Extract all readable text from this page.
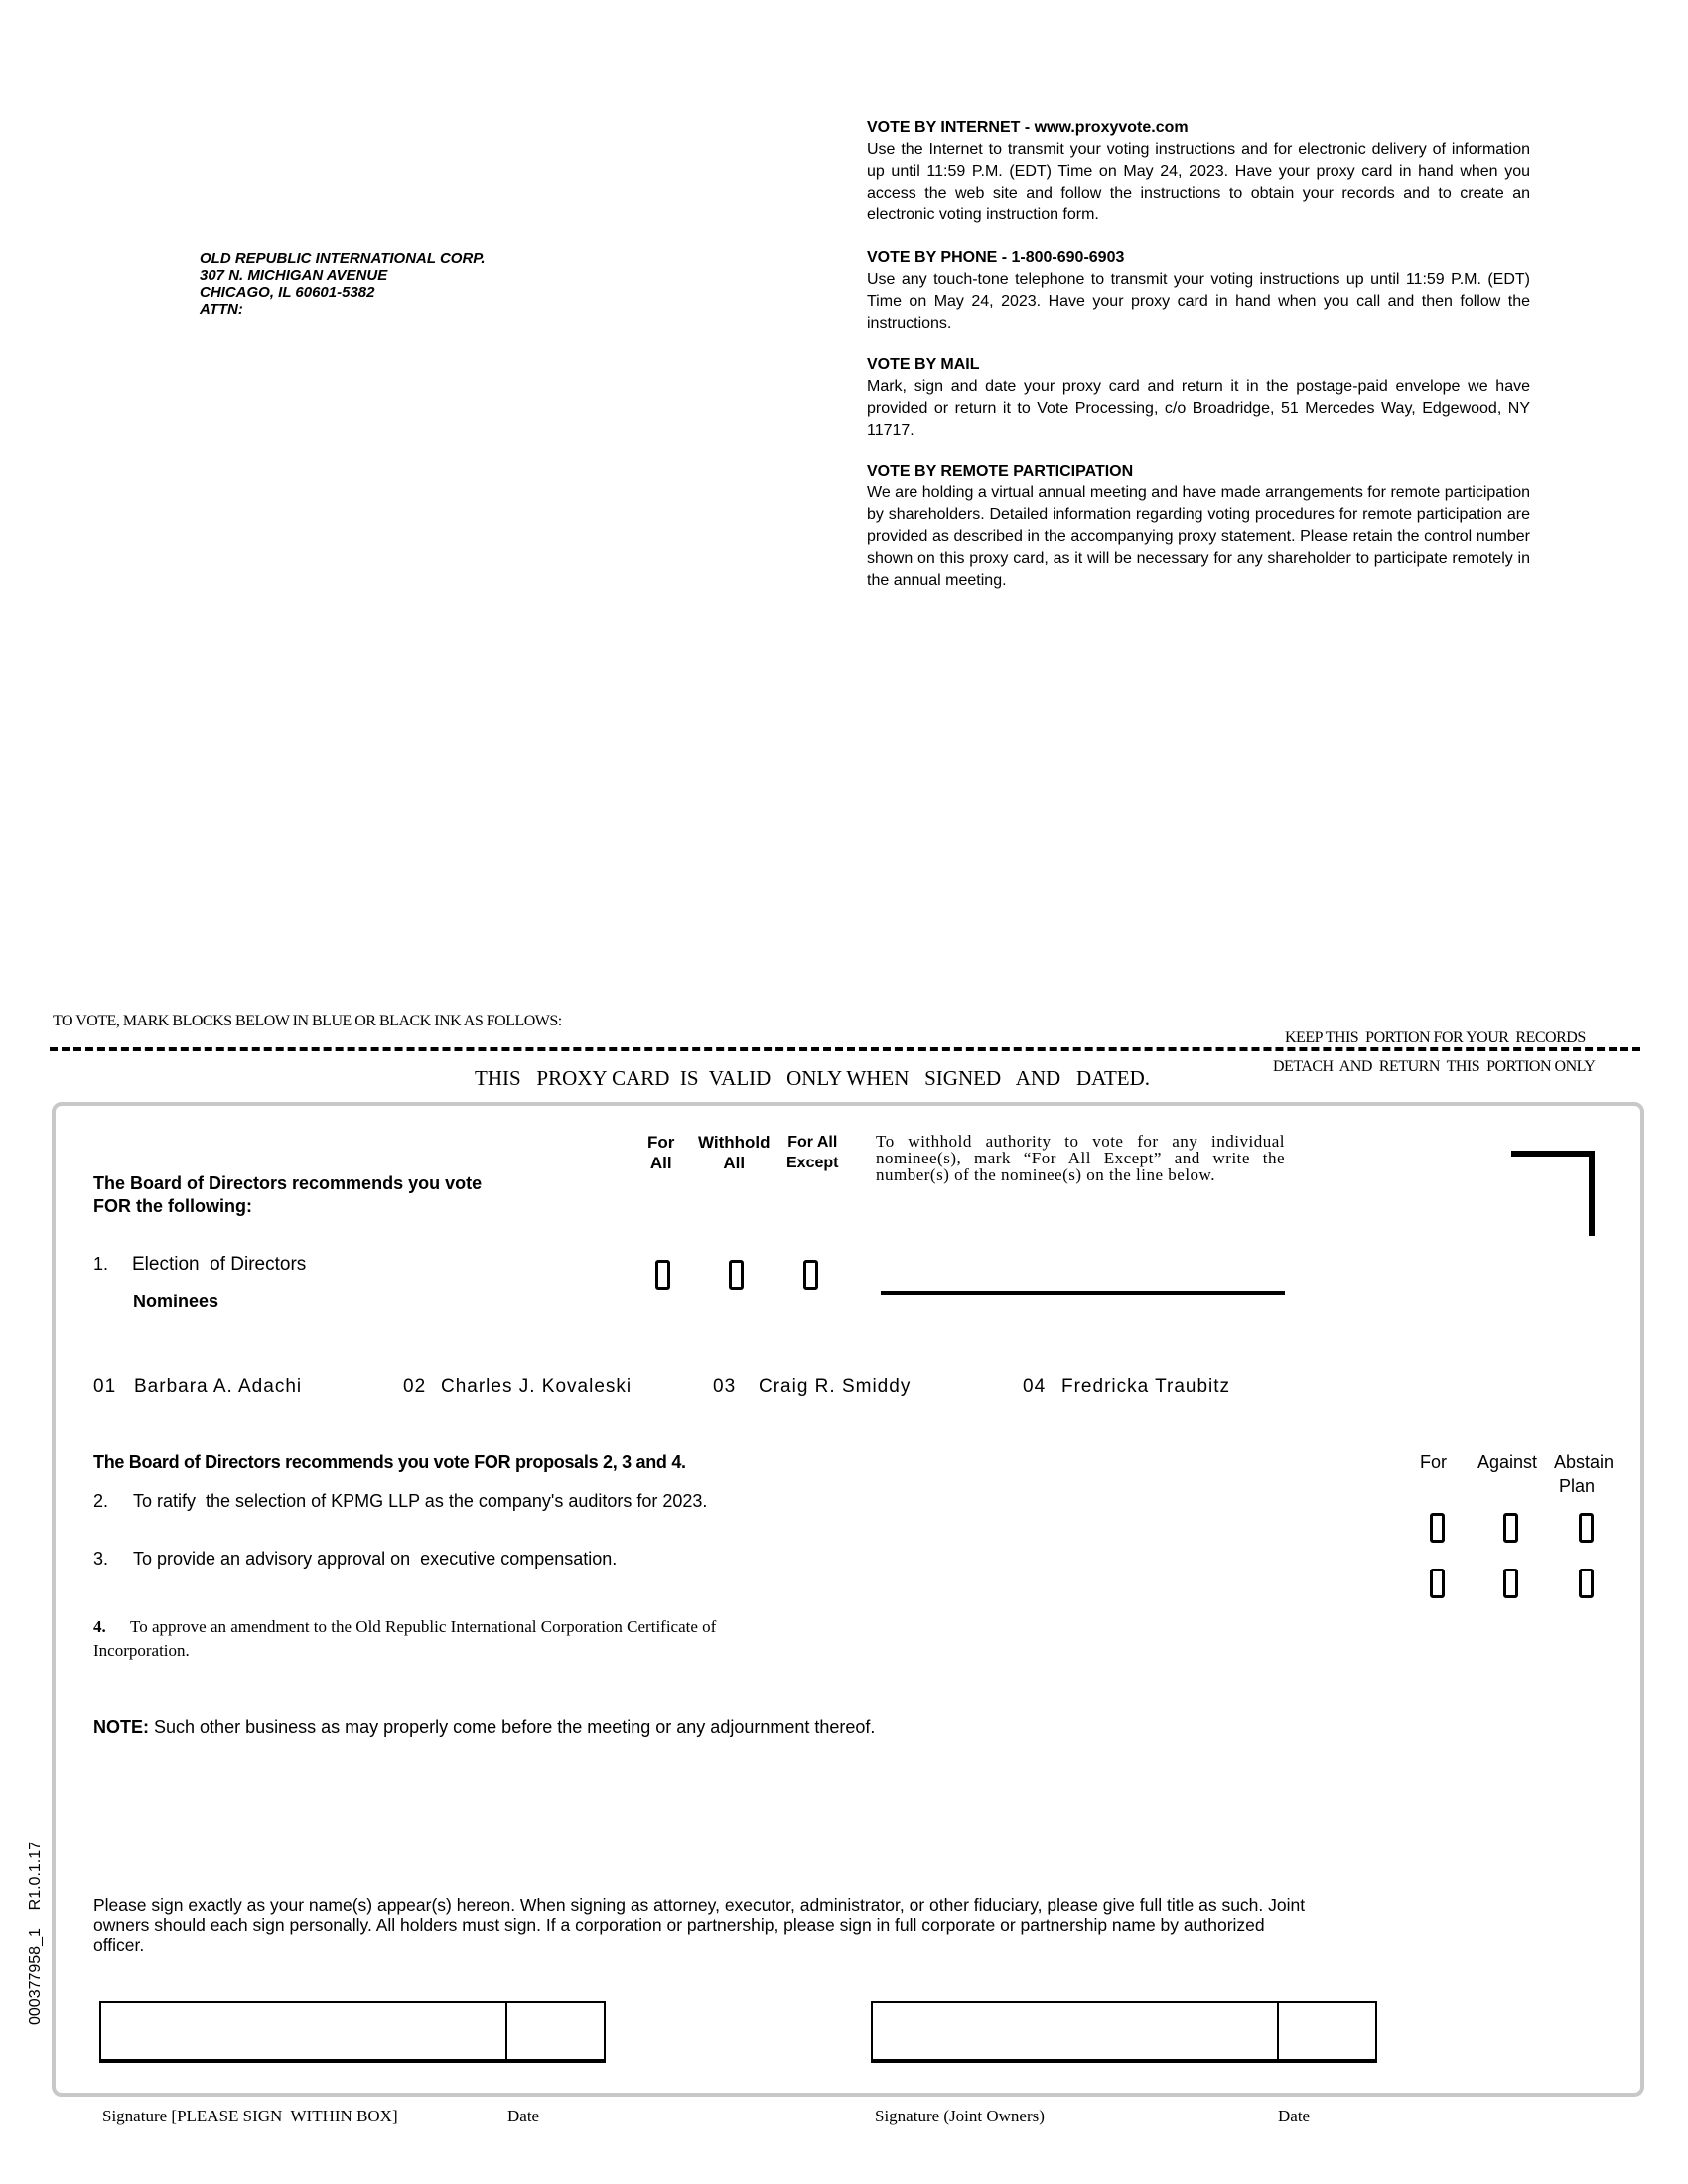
OLD REPUBLIC INTERNATIONAL CORP.
307 N. MICHIGAN AVENUE
CHICAGO, IL 60601-5382
ATTN:
VOTE BY INTERNET - www.proxyvote.com

Use the Internet to transmit your voting instructions and for electronic delivery of information up until 11:59 P.M. (EDT) Time on May 24, 2023. Have your proxy card in hand when you access the web site and follow the instructions to obtain your records and to create an electronic voting instruction form.

VOTE BY PHONE - 1-800-690-6903

Use any touch-tone telephone to transmit your voting instructions up until 11:59 P.M. (EDT) Time on May 24, 2023. Have your proxy card in hand when you call and then follow the instructions.

VOTE BY MAIL

Mark, sign and date your proxy card and return it in the postage-paid envelope we have provided or return it to Vote Processing, c/o Broadridge, 51 Mercedes Way, Edgewood, NY 11717.

VOTE BY REMOTE PARTICIPATION

We are holding a virtual annual meeting and have made arrangements for remote participation by shareholders. Detailed information regarding voting procedures for remote participation are provided as described in the accompanying proxy statement. Please retain the control number shown on this proxy card, as it will be necessary for any shareholder to participate remotely in the annual meeting.

TO VOTE, MARK BLOCKS BELOW IN BLUE OR BLACK INK AS FOLLOWS:
KEEP THIS  PORTION FOR YOUR  RECORDS
DETACH  AND  RETURN  THIS  PORTION ONLY
THIS   PROXY CARD  IS  VALID   ONLY WHEN   SIGNED   AND   DATED.
The Board of Directors recommends you vote
FOR the following:
For
All
Withhold
All
For All
Except
To withhold authority to vote for any individual nominee(s), mark “For All Except” and write the number(s) of the nominee(s) on the line below.
1. Election  of Directors
Nominees
01 Barbara A. Adachi	02 Charles J. Kovaleski	03 Craig R. Smiddy	04 Fredricka Traubitz
The Board of Directors recommends you vote FOR proposals 2, 3 and 4.	For Against Abstain
Plan
2. To ratify  the selection of KPMG LLP as the company's auditors for 2023.
3. To provide an advisory approval on  executive compensation.
4. To approve an amendment to the Old Republic International Corporation Certificate of
Incorporation.
NOTE: Such other business as may properly come before the meeting or any adjournment thereof.
Please sign exactly as your name(s) appear(s) hereon. When signing as attorney, executor, administrator, or other fiduciary, please give full title as such. Joint owners should each sign personally. All holders must sign. If a corporation or partnership, please sign in full corporate or partnership name by authorized officer.
000377958_1    R1.0.1.17
Signature [PLEASE SIGN  WITHIN BOX]	Date	Signature (Joint Owners)	Date
